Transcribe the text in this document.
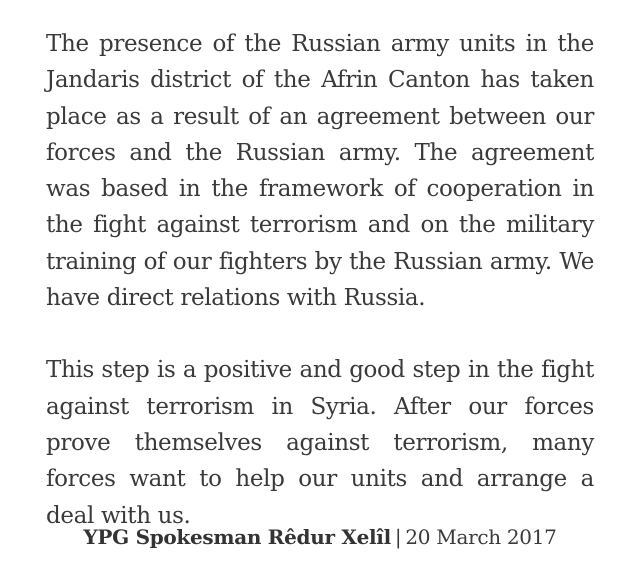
The presence of the Russian army units in the Jandaris district of the Afrin Canton has taken place as a result of an agreement between our forces and the Russian army. The agreement was based in the framework of cooperation in the fight against terrorism and on the military training of our fighters by the Russian army. We have direct relations with Russia.

This step is a positive and good step in the fight against terrorism in Syria. After our forces prove themselves against terrorism, many forces want to help our units and arrange a deal with us.

YPG Spokesman Rêdur Xelîl | 20 March 2017
